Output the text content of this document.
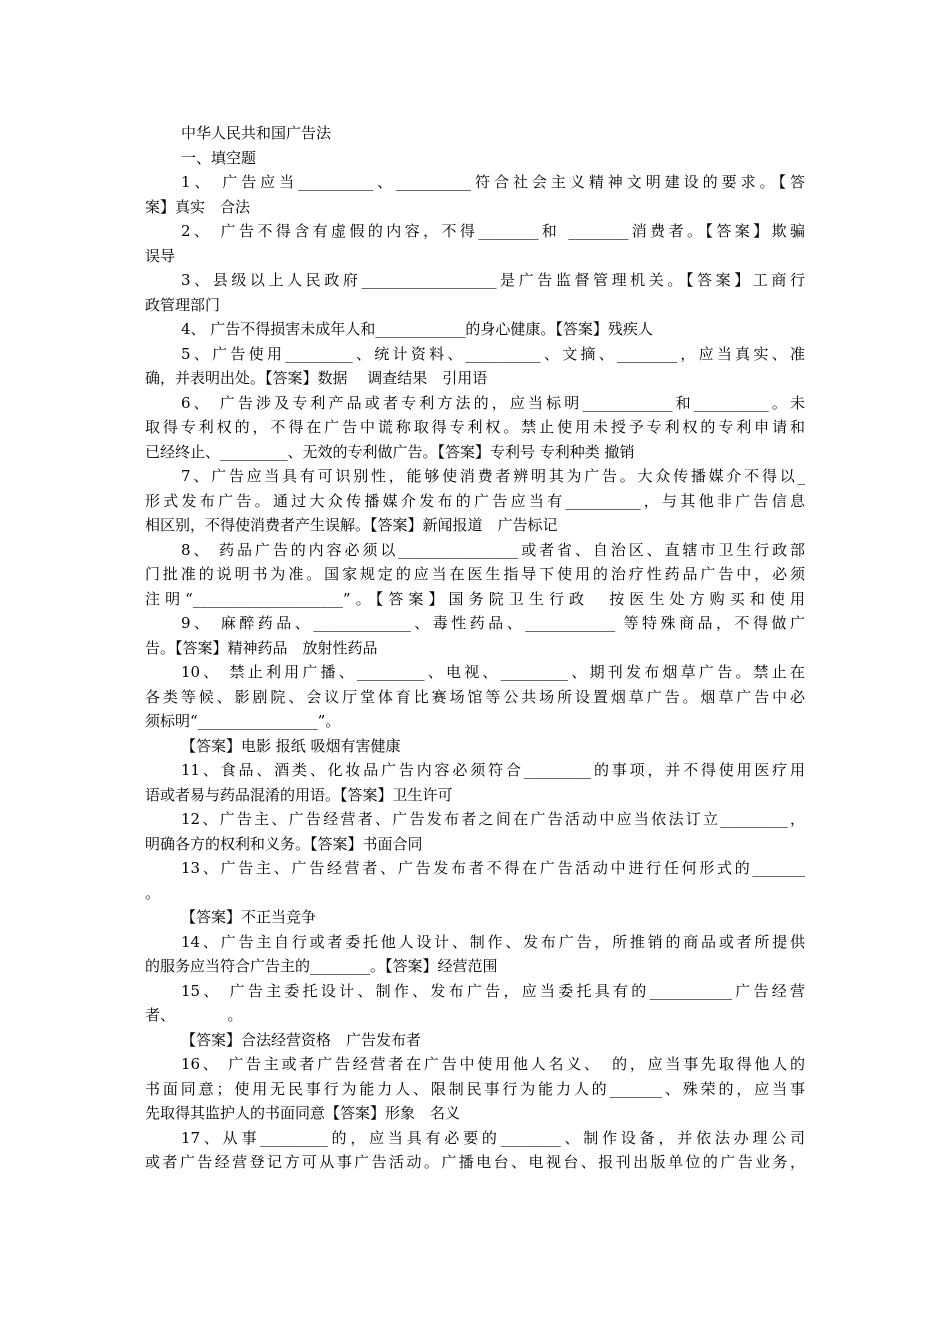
中华人民共和国广告法
一、填空题
1、 广告应当__________、__________符合社会主义精神文明建设的要求。【答
案】真实　合法
2、 广告不得含有虚假的内容，不得________和 ________消费者。【答案】欺骗
误导
3、县级以上人民政府__________________是广告监督管理机关。【答案】工商行
政管理部门
4、 广告不得损害未成年人和____________的身心健康。【答案】残疾人
5、广告使用_________、统计资料、__________、文摘、________，应当真实、准
确，并表明出处。【答案】数据　 调查结果　引用语
6、 广告涉及专利产品或者专利方法的，应当标明____________和__________。未
取得专利权的，不得在广告中谎称取得专利权。禁止使用未授予专利权的专利申请和
已经终止、_________、无效的专利做广告。【答案】专利号 专利种类 撤销
7、广告应当具有可识别性，能够使消费者辨明其为广告。大众传播媒介不得以_
形式发布广告。通过大众传播媒介发布的广告应当有__________，与其他非广告信息
相区别，不得使消费者产生误解。【答案】新闻报道　广告标记
8、 药品广告的内容必须以________________或者省、自治区、直辖市卫生行政部
门批准的说明书为准。国家规定的应当在医生指导下使用的治疗性药品广告中，必须
注明“____________________”。【答案】国务院卫生行政　按医生处方购买和使用
9、 麻醉药品、_____________、毒性药品、____________ 等特殊商品，不得做广
告。【答案】精神药品　放射性药品
10、 禁止利用广播、_________、电视、_________、期刊发布烟草广告。禁止在
各类等候、影剧院、会议厅堂体育比赛场馆等公共场所设置烟草广告。烟草广告中必
须标明“________________”。
【答案】电影 报纸 吸烟有害健康
11、食品、酒类、化妆品广告内容必须符合_________的事项，并不得使用医疗用
语或者易与药品混淆的用语。【答案】卫生许可
12、广告主、广告经营者、广告发布者之间在广告活动中应当依法订立_________，
明确各方的权利和义务。【答案】书面合同
13、广告主、广告经营者、广告发布者不得在广告活动中进行任何形式的_______
。
【答案】不正当竞争
14、广告主自行或者委托他人设计、制作、发布广告，所推销的商品或者所提供
的服务应当符合广告主的________。【答案】经营范围
15、 广告主委托设计、制作、发布广告，应当委托具有的___________广告经营
者、　　　　。
【答案】合法经营资格　广告发布者
16、 广告主或者广告经营者在广告中使用他人名义、　的，应当事先取得他人的
书面同意；使用无民事行为能力人、限制民事行为能力人的_______、殊荣的，应当事
先取得其监护人的书面同意【答案】形象　名义
17、从事_________的，应当具有必要的________、制作设备，并依法办理公司
或者广告经营登记方可从事广告活动。广播电台、电视台、报刊出版单位的广告业务，
